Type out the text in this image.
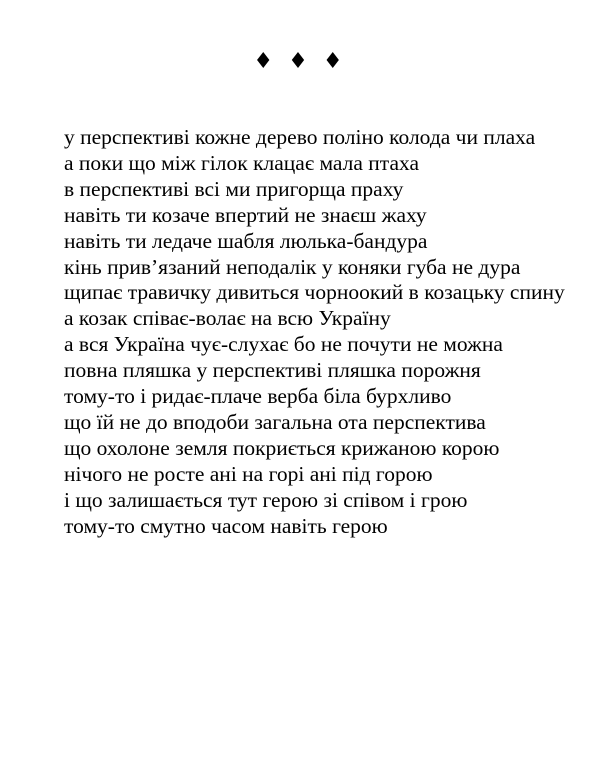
♦ ♦ ♦
у перспективі кожне дерево поліно колода чи плаха
а поки що між гілок клацає мала птаха
в перспективі всі ми пригорща праху
навіть ти козаче впертий не знаєш жаху
навіть ти ледаче шабля люлька-бандура
кінь прив’язаний неподалік у коняки губа не дура
щипає травичку дивиться чорноокий в козацьку спину
а козак співає-волає на всю Україну
а вся Україна чує-слухає бо не почути не можна
повна пляшка у перспективі пляшка порожня
тому-то і ридає-плаче верба біла бурхливо
що їй не до вподоби загальна ота перспектива
що охолоне земля покриється крижаною корою
нічого не росте ані на горі ані під горою
і що залишається тут герою зі співом і грою
тому-то смутно часом навіть герою
